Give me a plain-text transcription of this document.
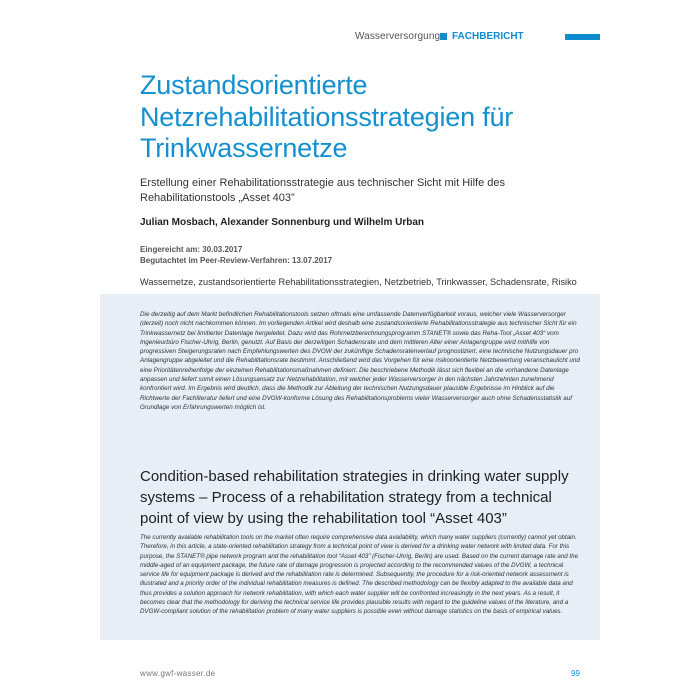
Wasserversorgung FACHBERICHT
Zustandsorientierte Netzrehabilitationsstrategien für Trinkwassernetze

Erstellung einer Rehabilitationsstrategie aus technischer Sicht mit Hilfe des Rehabilitationstools „Asset 403”

Julian Mosbach, Alexander Sonnenburg und Wilhelm Urban

Eingereicht am: 30.03.2017
Begutachtet im Peer-Review-Verfahren: 13.07.2017
Wassernetze, zustandsorientierte Rehabilitationsstrategien, Netzbetrieb, Trinkwasser, Schadensrate, Risiko

Die derzeitig auf dem Markt befindlichen Rehabilitationstools setzen oftmals eine umfassende Datenverfügbarkeit voraus, welcher viele Wasserversorger (derzeit) noch nicht nachkommen können. Im vorliegenden Artikel wird deshalb eine zustandsorientierte Rehabilitationsstrategie aus technischer Sicht für ein Trinkwassernetz bei limitierter Datenlage hergeleitet. Dazu wird das Rohrnetzberechnungsprogramm STANET® sowie das Reha-Tool „Asset 403“ vom Ingenieurbüro Fischer-Uhrig, Berlin, genutzt. Auf Basis der derzeitigen Schadensrate und dem mittleren Alter einer Anlagengruppe wird mithilfe von progressiven Steigerungsraten nach Empfehlungswerten des DVGW der zukünftige Schadensratenverlauf prognostiziert, eine technische Nutzungsdauer pro Anlagengruppe abgeleitet und die Rehabilitationsrate bestimmt. Anschließend wird das Vorgehen für eine risikoorientierte Netzbewertung veranschaulicht und eine Prioritätenreihenfolge der einzelnen Rehabilitationsmaßnahmen definiert. Die beschriebene Methodik lässt sich flexibel an die vorhandene Datenlage anpassen und liefert somit einen Lösungsansatz zur Netzrehabilitation, mit welcher jeder Wasserversorger in den nächsten Jahrzehnten zunehmend konfrontiert wird. Im Ergebnis wird deutlich, dass die Methodik zur Ableitung der technischen Nutzungsdauer plausible Ergebnisse im Hinblick auf die Richtwerte der Fachliteratur liefert und eine DVGW-konforme Lösung des Rehabilitationsproblems vieler Wasserversorger auch ohne Schadensstatistik auf Grundlage von Erfahrungswerten möglich ist.

Condition-based rehabilitation strategies in drinking water supply systems – Process of a rehabilitation strategy from a technical point of view by using the rehabilitation tool “Asset 403”

The currently available rehabilitation tools on the market often require comprehensive data availability, which many water suppliers (currently) cannot yet obtain. Therefore, in this article, a state-oriented rehabilitation strategy from a technical point of view is derived for a drinking water network with limited data. For this purpose, the STANET® pipe network program and the rehabilitation tool “Asset 403” (Fischer-Uhrig, Berlin) are used. Based on the current damage rate and the middle-aged of an equipment package, the future rate of damage progression is projected according to the recommended values of the DVGW, a technical service life for equipment package is derived and the rehabilitation rate is determined. Subsequently, the procedure for a risk-oriented network assessment is illustrated and a priority order of the individual rehabilitation measures is defined. The described methodology can be flexibly adapted to the available data and thus provides a solution approach for network rehabilitation, with which each water supplier will be confronted increasingly in the next years. As a result, it becomes clear that the methodology for deriving the technical service life provides plausible results with regard to the guideline values of the literature, and a DVGW-compliant solution of the rehabilitation problem of many water suppliers is possible even without damage statistics on the basis of empirical values.

www.gwf-wasser.de	99
